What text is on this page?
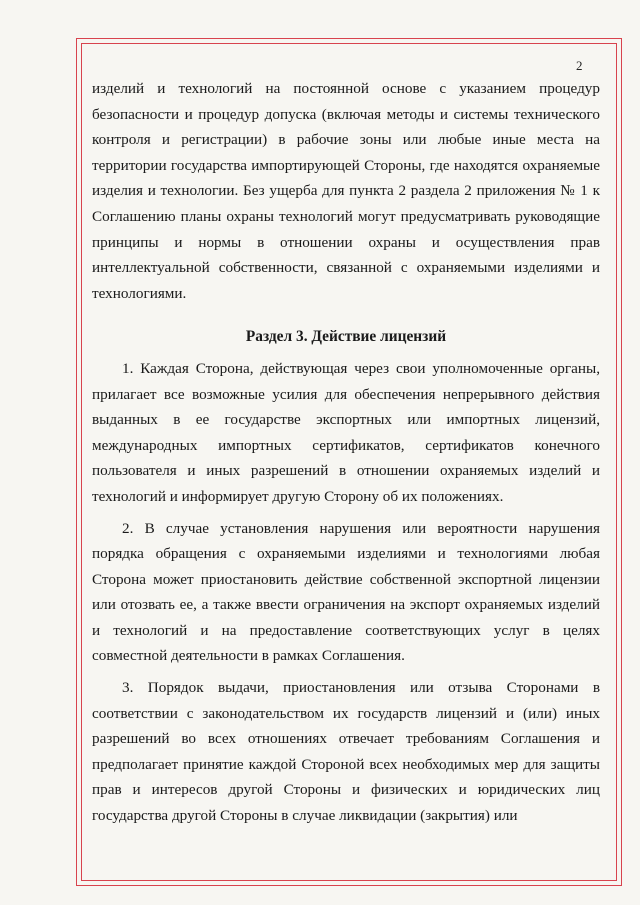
2

изделий и технологий на постоянной основе с указанием процедур безопасности и процедур допуска (включая методы и системы технического контроля и регистрации) в рабочие зоны или любые иные места на территории государства импортирующей Стороны, где находятся охраняемые изделия и технологии. Без ущерба для пункта 2 раздела 2 приложения № 1 к Соглашению планы охраны технологий могут предусматривать руководящие принципы и нормы в отношении охраны и осуществления прав интеллектуальной собственности, связанной с охраняемыми изделиями и технологиями.

Раздел 3. Действие лицензий

1. Каждая Сторона, действующая через свои уполномоченные органы, прилагает все возможные усилия для обеспечения непрерывного действия выданных в ее государстве экспортных или импортных лицензий, международных импортных сертификатов, сертификатов конечного пользователя и иных разрешений в отношении охраняемых изделий и технологий и информирует другую Сторону об их положениях.

2. В случае установления нарушения или вероятности нарушения порядка обращения с охраняемыми изделиями и технологиями любая Сторона может приостановить действие собственной экспортной лицензии или отозвать ее, а также ввести ограничения на экспорт охраняемых изделий и технологий и на предоставление соответствующих услуг в целях совместной деятельности в рамках Соглашения.

3. Порядок выдачи, приостановления или отзыва Сторонами в соответствии с законодательством их государств лицензий и (или) иных разрешений во всех отношениях отвечает требованиям Соглашения и предполагает принятие каждой Стороной всех необходимых мер для защиты прав и интересов другой Стороны и физических и юридических лиц государства другой Стороны в случае ликвидации (закрытия) или
